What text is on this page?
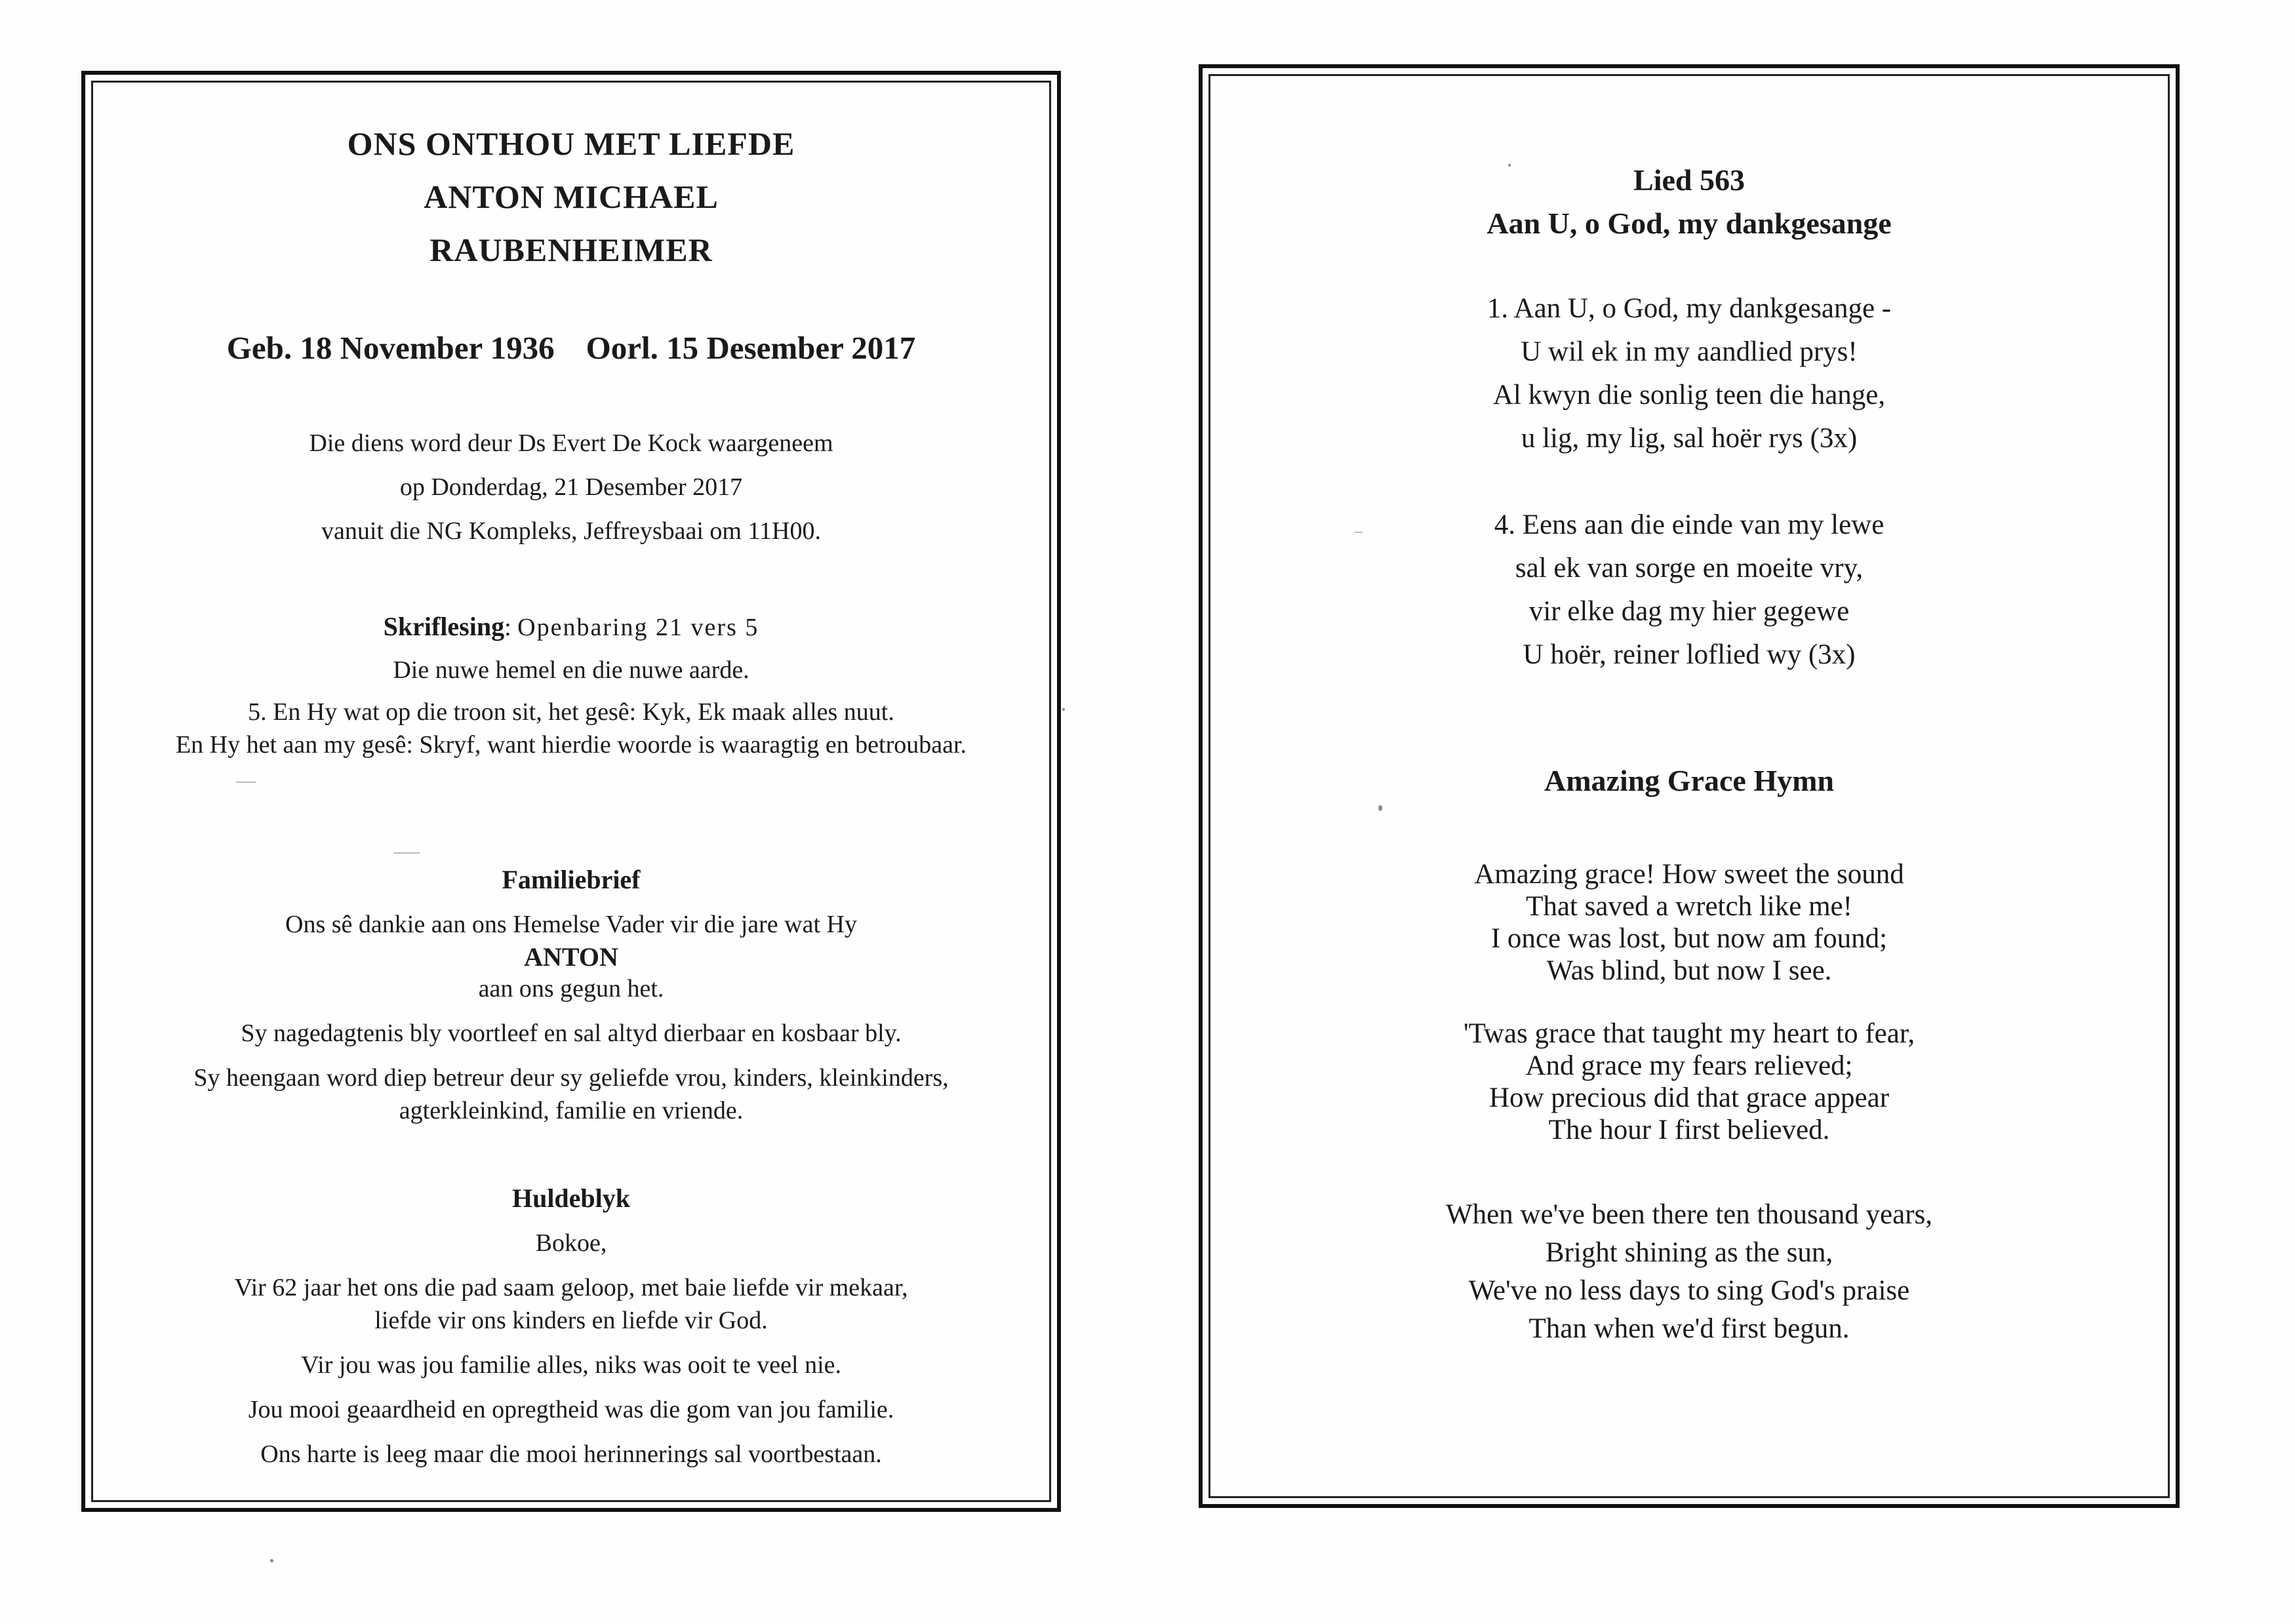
ONS ONTHOU MET LIEFDE
ANTON MICHAEL
RAUBENHEIMER
Geb. 18 November 1936 Oorl. 15 Desember 2017
Die diens word deur Ds Evert De Kock waargeneem
op Donderdag, 21 Desember 2017
vanuit die NG Kompleks, Jeffreysbaai om 11H00.
Skriflesing: Openbaring 21 vers 5
Die nuwe hemel en die nuwe aarde.
5. En Hy wat op die troon sit, het gesê: Kyk, Ek maak alles nuut.
En Hy het aan my gesê: Skryf, want hierdie woorde is waaragtig en betroubaar.
Familiebrief
Ons sê dankie aan ons Hemelse Vader vir die jare wat Hy
ANTON
aan ons gegun het.
Sy nagedagtenis bly voortleef en sal altyd dierbaar en kosbaar bly.
Sy heengaan word diep betreur deur sy geliefde vrou, kinders, kleinkinders,
agterkleinkind, familie en vriende.
Huldeblyk
Bokoe,
Vir 62 jaar het ons die pad saam geloop, met baie liefde vir mekaar,
liefde vir ons kinders en liefde vir God.
Vir jou was jou familie alles, niks was ooit te veel nie.
Jou mooi geaardheid en opregtheid was die gom van jou familie.
Ons harte is leeg maar die mooi herinnerings sal voortbestaan.
Lied 563
Aan U, o God, my dankgesange
1. Aan U, o God, my dankgesange -
U wil ek in my aandlied prys!
Al kwyn die sonlig teen die hange,
u lig, my lig, sal hoër rys (3x)
4. Eens aan die einde van my lewe
sal ek van sorge en moeite vry,
vir elke dag my hier gegewe
U hoër, reiner loflied wy (3x)
Amazing Grace Hymn
Amazing grace! How sweet the sound
That saved a wretch like me!
I once was lost, but now am found;
Was blind, but now I see.
'Twas grace that taught my heart to fear,
And grace my fears relieved;
How precious did that grace appear
The hour I first believed.
When we've been there ten thousand years,
Bright shining as the sun,
We've no less days to sing God's praise
Than when we'd first begun.
